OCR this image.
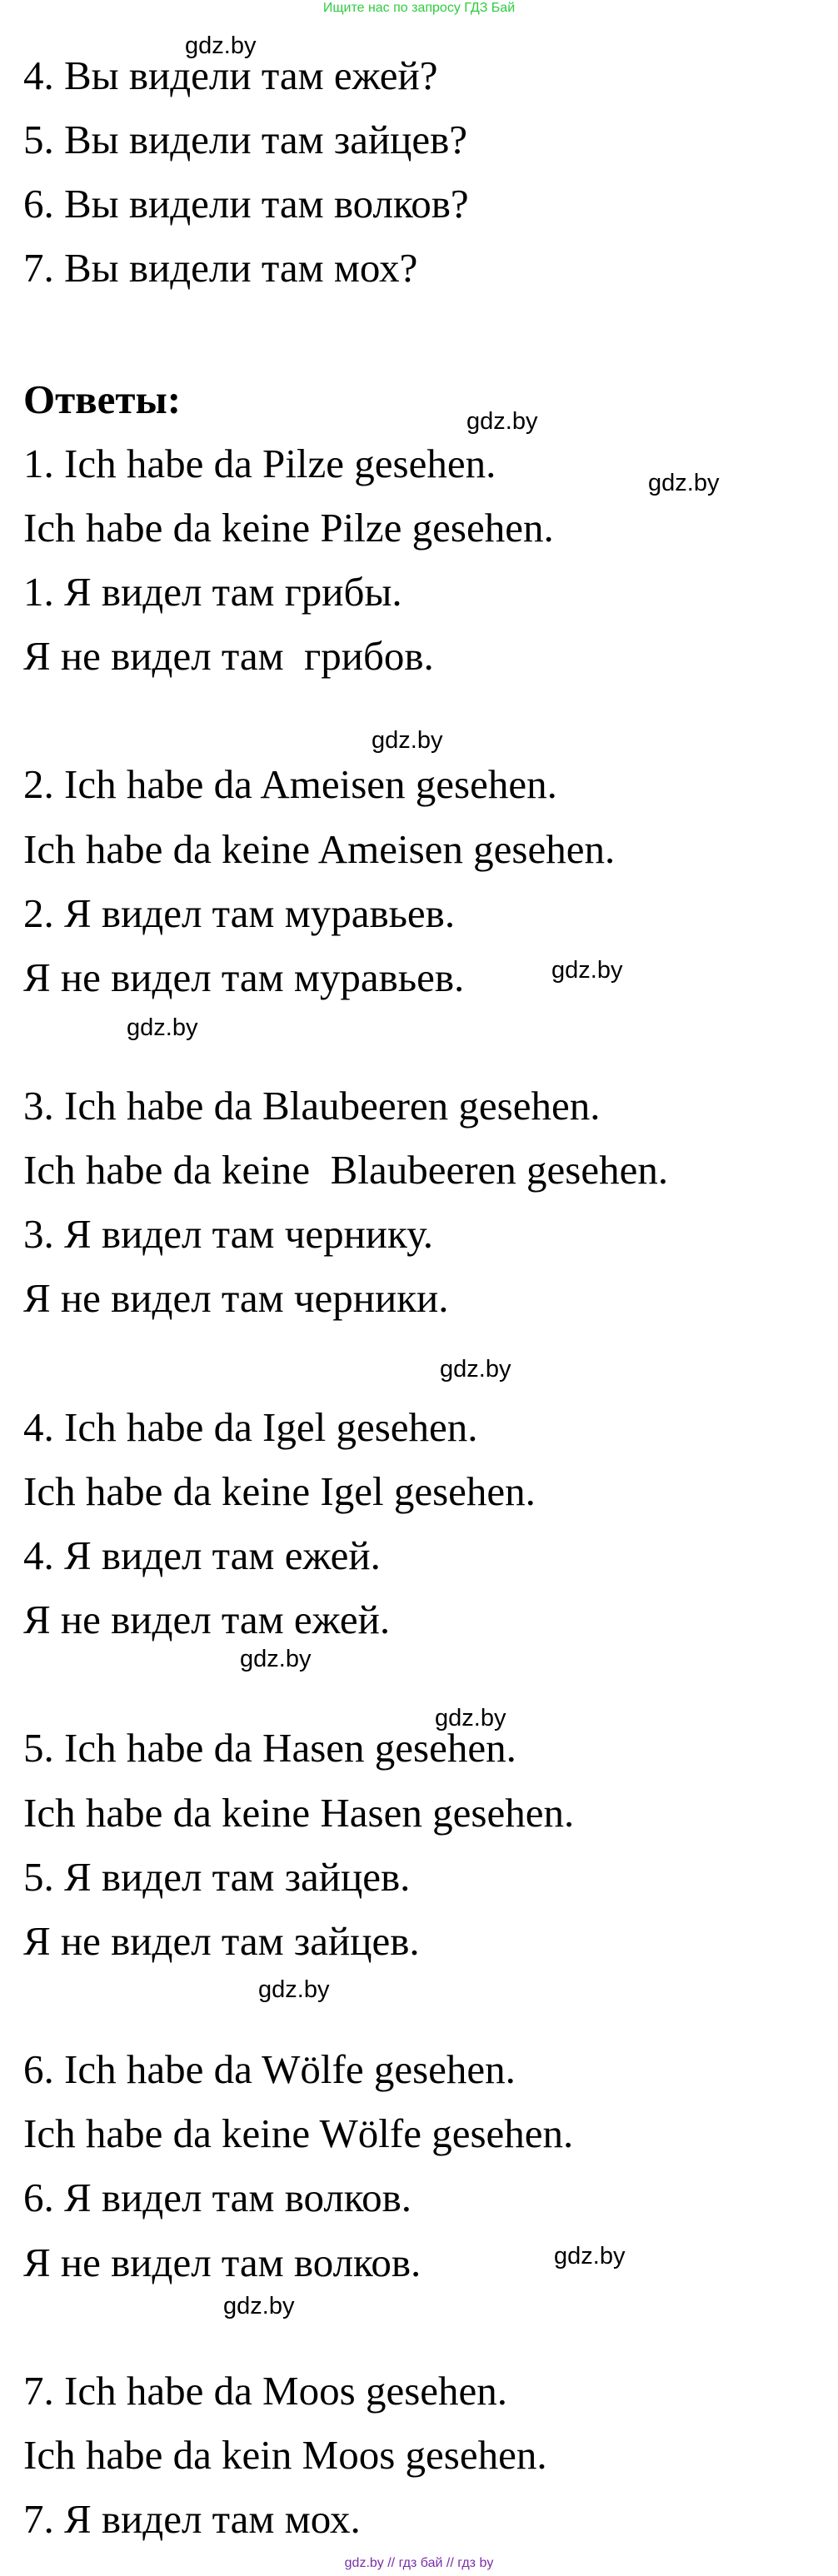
Ищите нас по запросу ГДЗ Бай
4. Вы видели там ежей?
5. Вы видели там зайцев?
6. Вы видели там волков?
7. Вы видели там мох?
Ответы:
1. Ich habe da Pilze gesehen.
Ich habe da keine Pilze gesehen.
1. Я видел там грибы.
Я не видел там  грибов.
2. Ich habe da Ameisen gesehen.
Ich habe da keine Ameisen gesehen.
2. Я видел там муравьев.
Я не видел там муравьев.
3. Ich habe da Blaubeeren gesehen.
Ich habe da keine  Blaubeeren gesehen.
3. Я видел там чернику.
Я не видел там черники.
4. Ich habe da Igel gesehen.
Ich habe da keine Igel gesehen.
4. Я видел там ежей.
Я не видел там ежей.
5. Ich habe da Hasen gesehen.
Ich habe da keine Hasen gesehen.
5. Я видел там зайцев.
Я не видел там зайцев.
6. Ich habe da Wölfe gesehen.
Ich habe da keine Wölfe gesehen.
6. Я видел там волков.
Я не видел там волков.
7. Ich habe da Moos gesehen.
Ich habe da kein Moos gesehen.
7. Я видел там мох.
gdz.by
gdz.by
gdz.by
gdz.by
gdz.by
gdz.by
gdz.by
gdz.by
gdz.by
gdz.by
gdz.by
gdz.by
gdz.by // гдз бай // гдз by
